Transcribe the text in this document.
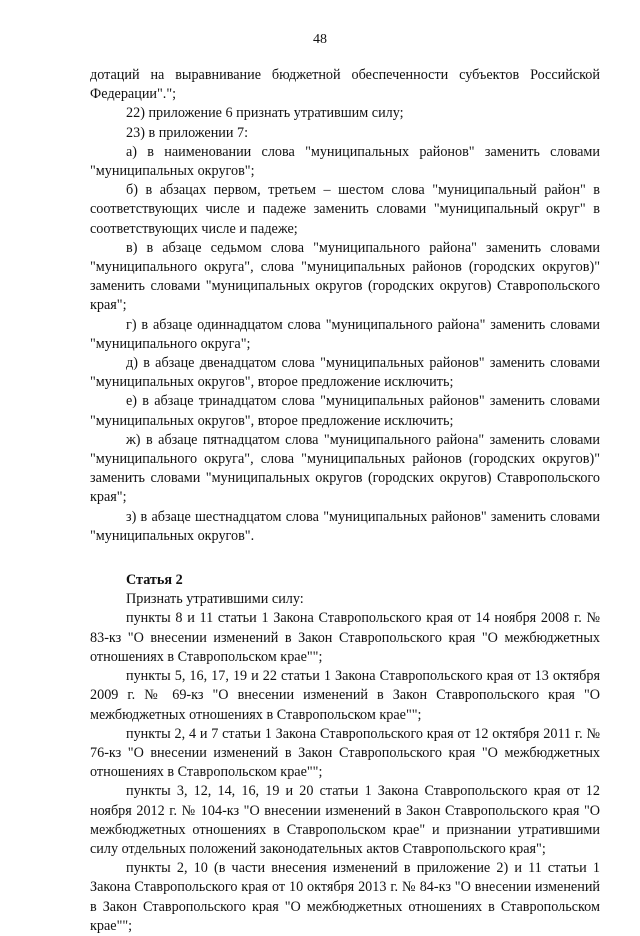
48

дотаций на выравнивание бюджетной обеспеченности субъектов Российской Федерации".";

22) приложение 6 признать утратившим силу;

23) в приложении 7:

а) в наименовании слова "муниципальных районов" заменить словами "муниципальных округов";

б) в абзацах первом, третьем – шестом слова "муниципальный район" в соответствующих числе и падеже заменить словами "муниципальный округ" в соответствующих числе и падеже;

в) в абзаце седьмом слова "муниципального района" заменить словами "муниципального округа", слова "муниципальных районов (городских округов)" заменить словами "муниципальных округов (городских округов) Ставропольского края";

г) в абзаце одиннадцатом слова "муниципального района" заменить словами "муниципального округа";

д) в абзаце двенадцатом слова "муниципальных районов" заменить словами "муниципальных округов", второе предложение исключить;

е) в абзаце тринадцатом слова "муниципальных районов" заменить словами "муниципальных округов", второе предложение исключить;

ж) в абзаце пятнадцатом слова "муниципального района" заменить словами "муниципального округа", слова "муниципальных районов (городских округов)" заменить словами "муниципальных округов (городских округов) Ставропольского края";

з) в абзаце шестнадцатом слова "муниципальных районов" заменить словами "муниципальных округов".

Статья 2

Признать утратившими силу:

пункты 8 и 11 статьи 1 Закона Ставропольского края от 14 ноября 2008 г. № 83-кз "О внесении изменений в Закон Ставропольского края "О межбюджетных отношениях в Ставропольском крае"";

пункты 5, 16, 17, 19 и 22 статьи 1 Закона Ставропольского края от 13 октября 2009 г. № 69-кз "О внесении изменений в Закон Ставропольского края "О межбюджетных отношениях в Ставропольском крае"";

пункты 2, 4 и 7 статьи 1 Закона Ставропольского края от 12 октября 2011 г. № 76-кз "О внесении изменений в Закон Ставропольского края "О межбюджетных отношениях в Ставропольском крае"";

пункты 3, 12, 14, 16, 19 и 20 статьи 1 Закона Ставропольского края от 12 ноября 2012 г. № 104-кз "О внесении изменений в Закон Ставропольского края "О межбюджетных отношениях в Ставропольском крае" и признании утратившими силу отдельных положений законодательных актов Ставропольского края";

пункты 2, 10 (в части внесения изменений в приложение 2) и 11 статьи 1 Закона Ставропольского края от 10 октября 2013 г. № 84-кз "О внесении изменений в Закон Ставропольского края "О межбюджетных отношениях в Ставропольском крае"";
